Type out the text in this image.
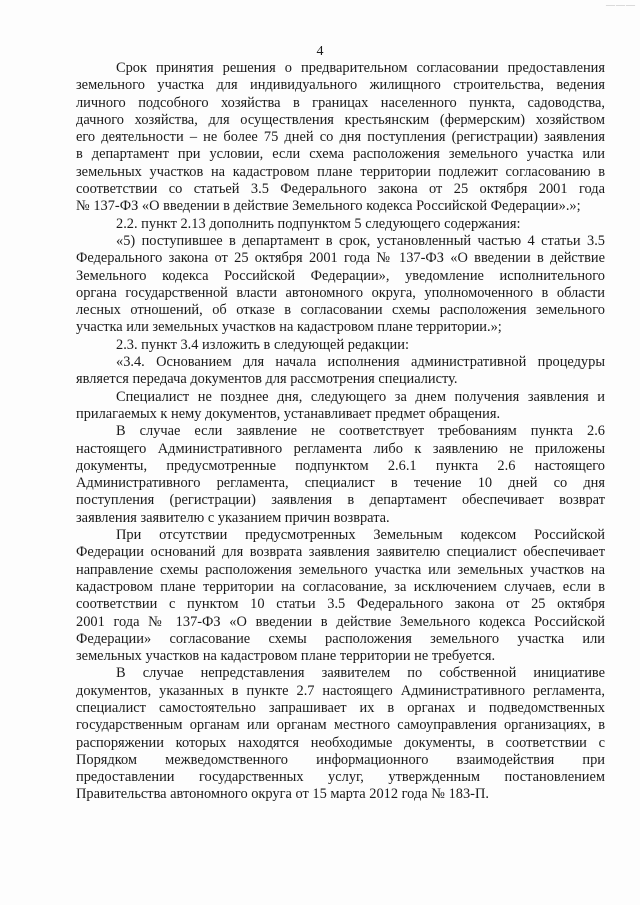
———
4

Срок принятия решения о предварительном согласовании предоставления
земельного участка для индивидуального жилищного строительства, ведения
личного подсобного хозяйства в границах населенного пункта, садоводства,
дачного хозяйства, для осуществления крестьянским (фермерским) хозяйством
его деятельности – не более 75 дней со дня поступления (регистрации) заявления
в департамент при условии, если схема расположения земельного участка или
земельных участков на кадастровом плане территории подлежит согласованию в
соответствии со статьей 3.5 Федерального закона от 25 октября 2001 года
№ 137-ФЗ «О введении в действие Земельного кодекса Российской Федерации».»;

2.2. пункт 2.13 дополнить подпунктом 5 следующего содержания:

«5) поступившее в департамент в срок, установленный частью 4 статьи 3.5
Федерального закона от 25 октября 2001 года № 137-ФЗ «О введении в действие
Земельного кодекса Российской Федерации», уведомление исполнительного
органа государственной власти автономного округа, уполномоченного в области
лесных отношений, об отказе в согласовании схемы расположения земельного
участка или земельных участков на кадастровом плане территории.»;

2.3. пункт 3.4 изложить в следующей редакции:

«3.4. Основанием для начала исполнения административной процедуры
является передача документов для рассмотрения специалисту.

Специалист не позднее дня, следующего за днем получения заявления и
прилагаемых к нему документов, устанавливает предмет обращения.

В случае если заявление не соответствует требованиям пункта 2.6
настоящего Административного регламента либо к заявлению не приложены
документы, предусмотренные подпунктом 2.6.1 пункта 2.6 настоящего
Административного регламента, специалист в течение 10 дней со дня
поступления (регистрации) заявления в департамент обеспечивает возврат
заявления заявителю с указанием причин возврата.

При отсутствии предусмотренных Земельным кодексом Российской
Федерации оснований для возврата заявления заявителю специалист обеспечивает
направление схемы расположения земельного участка или земельных участков на
кадастровом плане территории на согласование, за исключением случаев, если в
соответствии с пунктом 10 статьи 3.5 Федерального закона от 25 октября
2001 года № 137-ФЗ «О введении в действие Земельного кодекса Российской
Федерации» согласование схемы расположения земельного участка или
земельных участков на кадастровом плане территории не требуется.

В случае непредставления заявителем по собственной инициативе
документов, указанных в пункте 2.7 настоящего Административного регламента,
специалист самостоятельно запрашивает их в органах и подведомственных
государственным органам или органам местного самоуправления организациях, в
распоряжении которых находятся необходимые документы, в соответствии с
Порядком межведомственного информационного взаимодействия при
предоставлении государственных услуг, утвержденным постановлением
Правительства автономного округа от 15 марта 2012 года № 183-П.
